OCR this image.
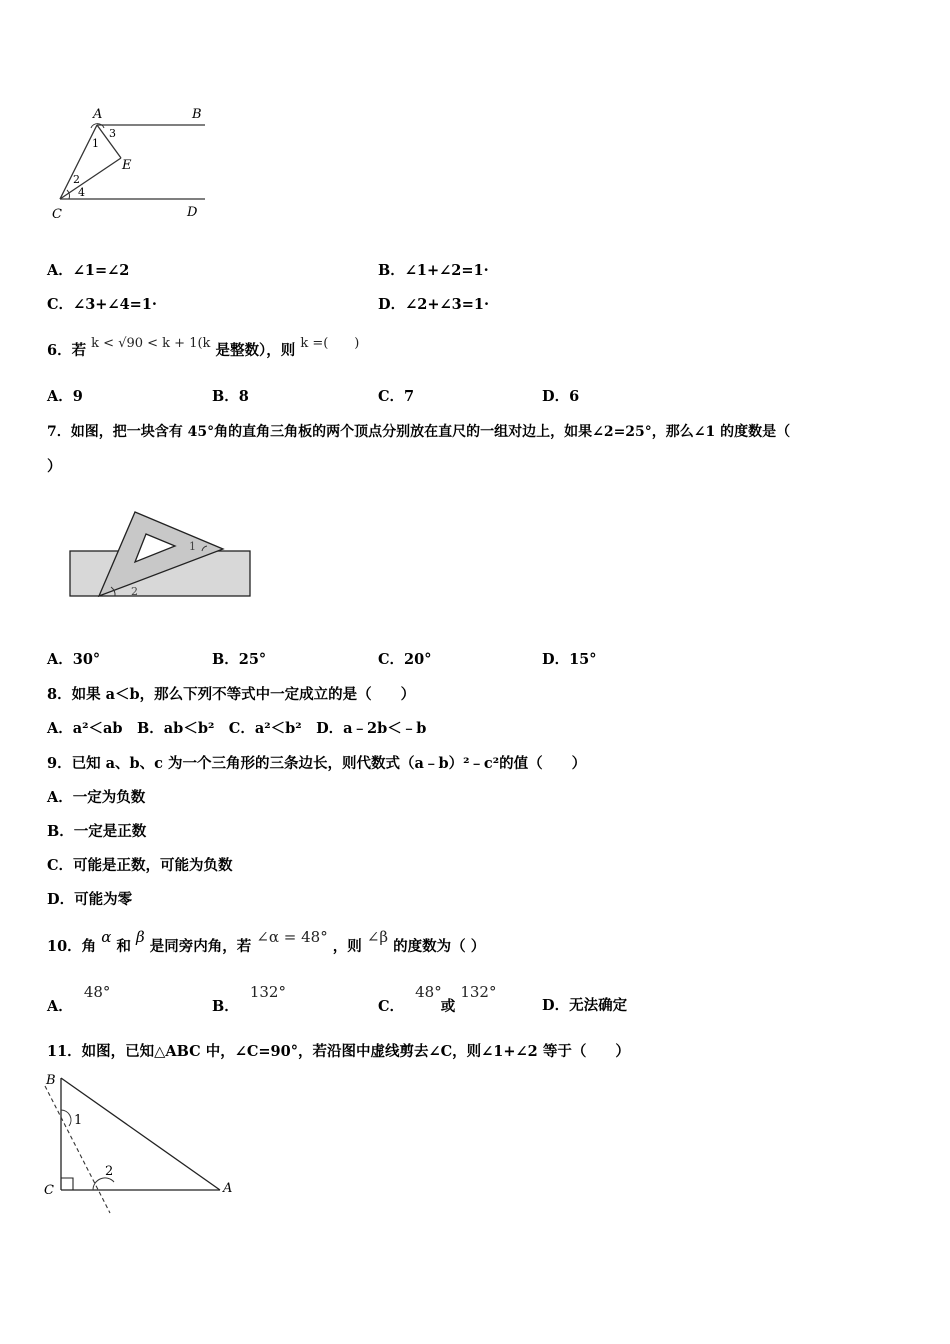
A	B
C	D
E
1
2
3
4
A．∠1=∠2	B．∠1+∠2=1·
C．∠3+∠4=1·	D．∠2+∠3=1·
6．若 k < √90 < k + 1(k 是整数），则 k =(　　)
A．9	B．8	C．7	D．6
7．如图，把一块含有 45°角的直角三角板的两个顶点分别放在直尺的一组对边上，如果∠2=25°，那么∠1 的度数是（
）
1
2
A．30°	B．25°	C．20°	D．15°
8．如果 a＜b，那么下列不等式中一定成立的是（　　）
A．a²＜ab　B．ab＜b²　C．a²＜b²　D．a﹣2b＜﹣b
9．已知 a、b、c 为一个三角形的三条边长，则代数式（a﹣b）²﹣c²的值（　　）
A．一定为负数
B．一定是正数
C．可能是正数，可能为负数
D．可能为零
10．角 α 和 β 是同旁内角，若 ∠α = 48° ，则 ∠β 的度数为（ ）
A． 48°
B． 132°
C． 48° 或 132°
D．无法确定
11．如图，已知△ABC 中，∠C=90°，若沿图中虚线剪去∠C，则∠1+∠2 等于（　　）
B
C	A
1
2
